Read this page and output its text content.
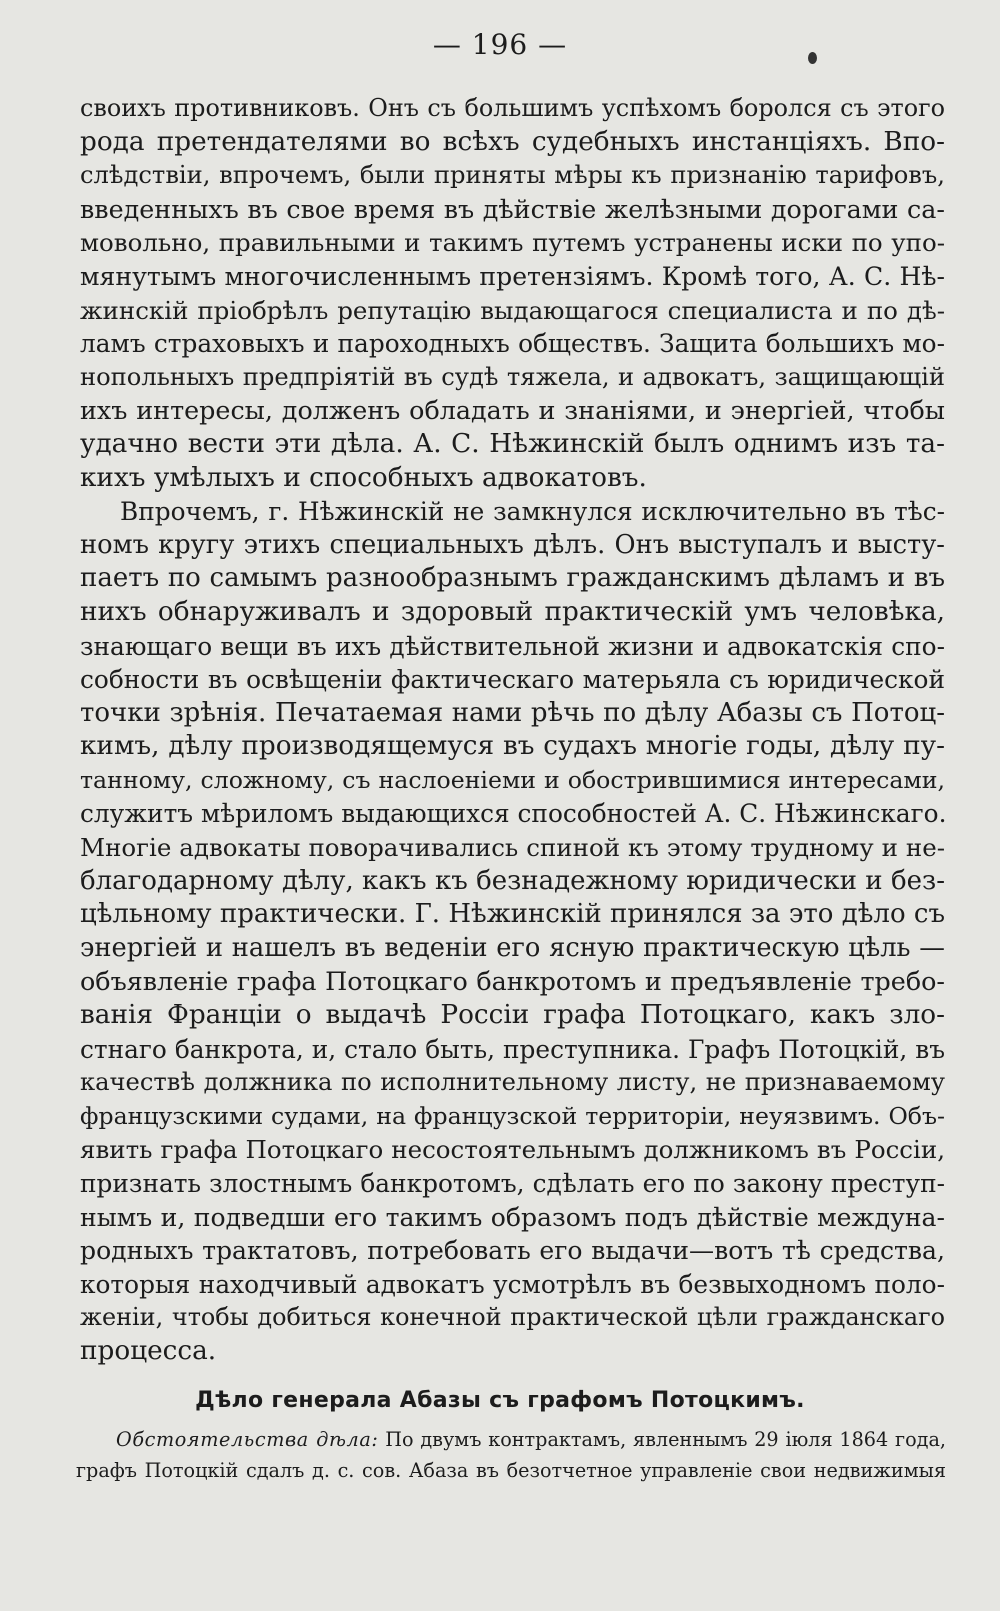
— 196 —

своихъ противниковъ. Онъ съ большимъ успѣхомъ боролся съ этого
рода претендателями во всѣхъ судебныхъ инстанціяхъ. Впо-
слѣдствіи, впрочемъ, были приняты мѣры къ признанію тарифовъ,
введенныхъ въ свое время въ дѣйствіе желѣзными дорогами са-
мовольно, правильными и такимъ путемъ устранены иски по упо-
мянутымъ многочисленнымъ претензіямъ. Кромѣ того, А. С. Нѣ-
жинскій пріобрѣлъ репутацію выдающагося специалиста и по дѣ-
ламъ страховыхъ и пароходныхъ обществъ. Защита большихъ мо-
нопольныхъ предпріятій въ судѣ тяжела, и адвокатъ, защищающій
ихъ интересы, долженъ обладать и знаніями, и энергіей, чтобы
удачно вести эти дѣла. А. С. Нѣжинскій былъ однимъ изъ та-
кихъ умѣлыхъ и способныхъ адвокатовъ.

Впрочемъ, г. Нѣжинскій не замкнулся исключительно въ тѣс-
номъ кругу этихъ специальныхъ дѣлъ. Онъ выступалъ и высту-
паетъ по самымъ разнообразнымъ гражданскимъ дѣламъ и въ
нихъ обнаруживалъ и здоровый практическій умъ человѣка,
знающаго вещи въ ихъ дѣйствительной жизни и адвокатскія спо-
собности въ освѣщеніи фактическаго матерьяла съ юридической
точки зрѣнія. Печатаемая нами рѣчь по дѣлу Абазы съ Потоц-
кимъ, дѣлу производящемуся въ судахъ многіе годы, дѣлу пу-
танному, сложному, съ наслоеніеми и обострившимися интересами,
служитъ мѣриломъ выдающихся способностей А. С. Нѣжинскаго.
Многіе адвокаты поворачивались спиной къ этому трудному и не-
благодарному дѣлу, какъ къ безнадежному юридически и без-
цѣльному практически. Г. Нѣжинскій принялся за это дѣло съ
энергіей и нашелъ въ веденіи его ясную практическую цѣль —
объявленіе графа Потоцкаго банкротомъ и предъявленіе требо-
ванія Франціи о выдачѣ Россіи графа Потоцкаго, какъ зло-
стнаго банкрота, и, стало быть, преступника. Графъ Потоцкій, въ
качествѣ должника по исполнительному листу, не признаваемому
французскими судами, на французской территоріи, неуязвимъ. Объ-
явить графа Потоцкаго несостоятельнымъ должникомъ въ Россіи,
признать злостнымъ банкротомъ, сдѣлать его по закону преступ-
нымъ и, подведши его такимъ образомъ подъ дѣйствіе междуна-
родныхъ трактатовъ, потребовать его выдачи—вотъ тѣ средства,
которыя находчивый адвокатъ усмотрѣлъ въ безвыходномъ поло-
женіи, чтобы добиться конечной практической цѣли гражданскаго
процесса.

Дѣло генерала Абазы съ графомъ Потоцкимъ.
Обстоятельства дѣла: По двумъ контрактамъ, явленнымъ 29 іюля 1864 года,
графъ Потоцкій сдалъ д. с. сов. Абаза въ безотчетное управленіе свои недвижимыя
